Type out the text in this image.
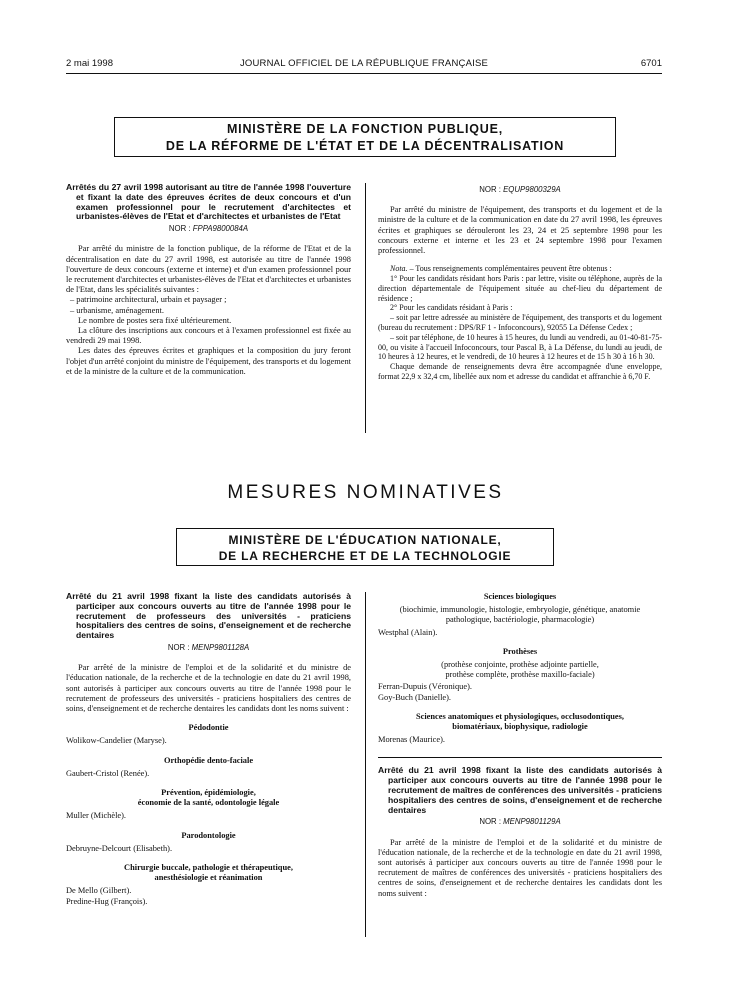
2 mai 1998	JOURNAL OFFICIEL DE LA RÉPUBLIQUE FRANÇAISE	6701
MINISTÈRE DE LA FONCTION PUBLIQUE,
DE LA RÉFORME DE L'ÉTAT ET DE LA DÉCENTRALISATION
Arrêtés du 27 avril 1998 autorisant au titre de l'année 1998 l'ouverture et fixant la date des épreuves écrites de deux concours et d'un examen professionnel pour le recrutement d'architectes et urbanistes-élèves de l'Etat et d'architectes et urbanistes de l'Etat
NOR : FPPA9800084A

Par arrêté du ministre de la fonction publique, de la réforme de l'Etat et de la décentralisation en date du 27 avril 1998, est autorisée au titre de l'année 1998 l'ouverture de deux concours (externe et interne) et d'un examen professionnel pour le recrutement d'architectes et urbanistes-élèves de l'Etat et d'architectes et urbanistes de l'Etat, dans les spécialités suivantes :

– patrimoine architectural, urbain et paysager ;
– urbanisme, aménagement.

Le nombre de postes sera fixé ultérieurement.

La clôture des inscriptions aux concours et à l'examen professionnel est fixée au vendredi 29 mai 1998.

Les dates des épreuves écrites et graphiques et la composition du jury feront l'objet d'un arrêté conjoint du ministre de l'équipement, des transports et du logement et de la ministre de la culture et de la communication.

NOR : EQUP9800329A

Par arrêté du ministre de l'équipement, des transports et du logement et de la ministre de la culture et de la communication en date du 27 avril 1998, les épreuves écrites et graphiques se dérouleront les 23, 24 et 25 septembre 1998 pour les concours externe et interne et les 23 et 24 septembre 1998 pour l'examen professionnel.

Nota. – Tous renseignements complémentaires peuvent être obtenus :

1° Pour les candidats résidant hors Paris : par lettre, visite ou téléphone, auprès de la direction départementale de l'équipement située au chef-lieu du département de résidence ;

2° Pour les candidats résidant à Paris :

– soit par lettre adressée au ministère de l'équipement, des transports et du logement (bureau du recrutement : DPS/RF 1 - Infoconcours), 92055 La Défense Cedex ;

– soit par téléphone, de 10 heures à 15 heures, du lundi au vendredi, au 01-40-81-75-00, ou visite à l'accueil Infoconcours, tour Pascal B, à La Défense, du lundi au jeudi, de 10 heures à 12 heures, et le vendredi, de 10 heures à 12 heures et de 15 h 30 à 16 h 30.

Chaque demande de renseignements devra être accompagnée d'une enveloppe, format 22,9 x 32,4 cm, libellée aux nom et adresse du candidat et affranchie à 6,70 F.

MESURES NOMINATIVES
MINISTÈRE DE L'ÉDUCATION NATIONALE,
DE LA RECHERCHE ET DE LA TECHNOLOGIE
Arrêté du 21 avril 1998 fixant la liste des candidats autorisés à participer aux concours ouverts au titre de l'année 1998 pour le recrutement de professeurs des universités - praticiens hospitaliers des centres de soins, d'enseignement et de recherche dentaires
NOR : MENP9801128A

Par arrêté de la ministre de l'emploi et de la solidarité et du ministre de l'éducation nationale, de la recherche et de la technologie en date du 21 avril 1998, sont autorisés à participer aux concours ouverts au titre de l'année 1998 pour le recrutement de professeurs des universités - praticiens hospitaliers des centres de soins, d'enseignement et de recherche dentaires les candidats dont les noms suivent :

Pédodontie

Wolikow-Candelier (Maryse).

Orthopédie dento-faciale

Gaubert-Cristol (Renée).

Prévention, épidémiologie,
économie de la santé, odontologie légale

Muller (Michèle).

Parodontologie

Debruyne-Delcourt (Elisabeth).

Chirurgie buccale, pathologie et thérapeutique,
anesthésiologie et réanimation

De Mello (Gilbert).

Predine-Hug (François).

Sciences biologiques
(biochimie, immunologie, histologie, embryologie, génétique, anatomie pathologique, bactériologie, pharmacologie)

Westphal (Alain).

Prothèses
(prothèse conjointe, prothèse adjointe partielle,
prothèse complète, prothèse maxillo-faciale)

Ferran-Dupuis (Véronique).

Goy-Buch (Danielle).

Sciences anatomiques et physiologiques, occlusodontiques,
biomatériaux, biophysique, radiologie

Morenas (Maurice).

Arrêté du 21 avril 1998 fixant la liste des candidats autorisés à participer aux concours ouverts au titre de l'année 1998 pour le recrutement de maîtres de conférences des universités - praticiens hospitaliers des centres de soins, d'enseignement et de recherche dentaires
NOR : MENP9801129A

Par arrêté de la ministre de l'emploi et de la solidarité et du ministre de l'éducation nationale, de la recherche et de la technologie en date du 21 avril 1998, sont autorisés à participer aux concours ouverts au titre de l'année 1998 pour le recrutement de maîtres de conférences des universités - praticiens hospitaliers des centres de soins, d'enseignement et de recherche dentaires les candidats dont les noms suivent :
